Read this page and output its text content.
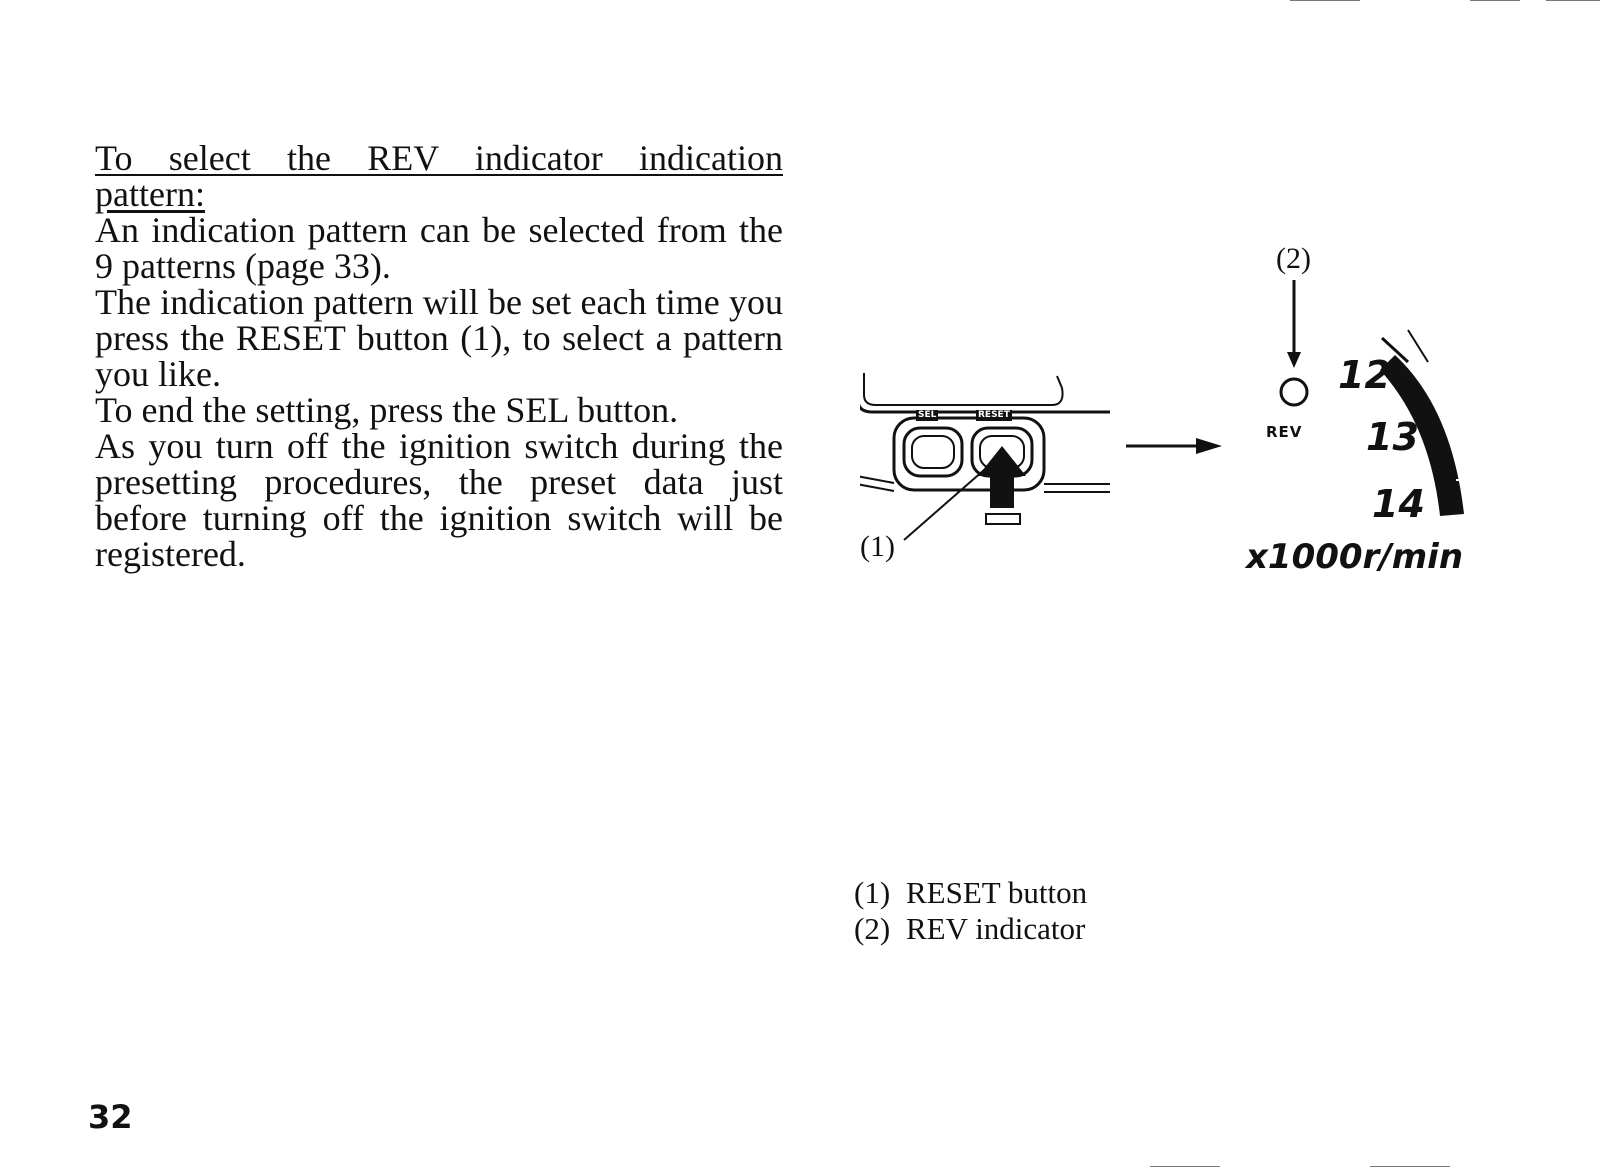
To select the REV indicator indication

pattern:

An indication pattern can be selected from the 9 patterns (page 33).

The indication pattern will be set each time you press the RESET button (1), to select a pattern you like.

To end the setting, press the SEL button.

As you turn off the ignition switch during the presetting procedures, the preset data just before turning off the ignition switch will be registered.

SEL	RESET
(1)
(2)
REV
12
13
14
x1000r/min
(1) RESET button
(2) REV indicator
32
